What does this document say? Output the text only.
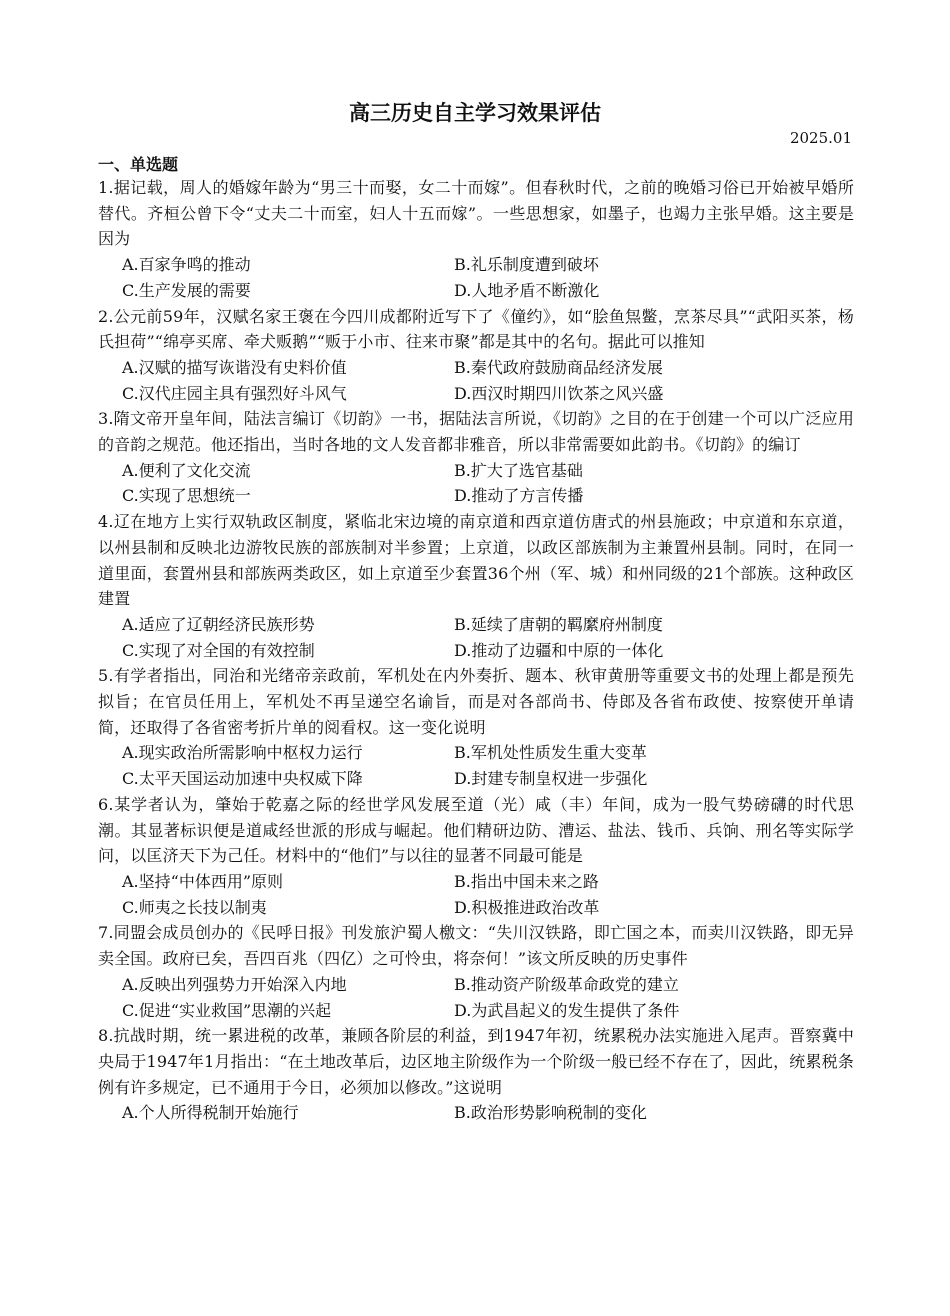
高三历史自主学习效果评估
2025.01
一、单选题

1.据记载，周人的婚嫁年龄为“男三十而娶，女二十而嫁”。但春秋时代，之前的晚婚习俗已开始被早婚所替代。齐桓公曾下令“丈夫二十而室，妇人十五而嫁”。一些思想家，如墨子，也竭力主张早婚。这主要是因为

A.百家争鸣的推动	B.礼乐制度遭到破坏
C.生产发展的需要	D.人地矛盾不断激化

2.公元前59年，汉赋名家王褒在今四川成都附近写下了《僮约》，如“脍鱼炰鳖，烹茶尽具”“武阳买茶，杨氏担荷”“绵亭买席、牵犬贩鹅”“贩于小市、往来市聚”都是其中的名句。据此可以推知

A.汉赋的描写诙谐没有史料价值	B.秦代政府鼓励商品经济发展
C.汉代庄园主具有强烈好斗风气	D.西汉时期四川饮茶之风兴盛

3.隋文帝开皇年间，陆法言编订《切韵》一书，据陆法言所说，《切韵》之目的在于创建一个可以广泛应用的音韵之规范。他还指出，当时各地的文人发音都非雅音，所以非常需要如此韵书。《切韵》的编订

A.便利了文化交流	B.扩大了选官基础
C.实现了思想统一	D.推动了方言传播

4.辽在地方上实行双轨政区制度，紧临北宋边境的南京道和西京道仿唐式的州县施政；中京道和东京道，以州县制和反映北边游牧民族的部族制对半参置；上京道，以政区部族制为主兼置州县制。同时，在同一道里面，套置州县和部族两类政区，如上京道至少套置36个州（军、城）和州同级的21个部族。这种政区建置

A.适应了辽朝经济民族形势	B.延续了唐朝的羁縻府州制度
C.实现了对全国的有效控制	D.推动了边疆和中原的一体化

5.有学者指出，同治和光绪帝亲政前，军机处在内外奏折、题本、秋审黄册等重要文书的处理上都是预先拟旨；在官员任用上，军机处不再呈递空名谕旨，而是对各部尚书、侍郎及各省布政使、按察使开单请简，还取得了各省密考折片单的阅看权。这一变化说明

A.现实政治所需影响中枢权力运行	B.军机处性质发生重大变革
C.太平天国运动加速中央权威下降	D.封建专制皇权进一步强化

6.某学者认为，肇始于乾嘉之际的经世学风发展至道（光）咸（丰）年间，成为一股气势磅礴的时代思潮。其显著标识便是道咸经世派的形成与崛起。他们精研边防、漕运、盐法、钱币、兵饷、刑名等实际学问，以匡济天下为己任。材料中的“他们”与以往的显著不同最可能是

A.坚持“中体西用”原则	B.指出中国未来之路
C.师夷之长技以制夷	D.积极推进政治改革

7.同盟会成员创办的《民呼日报》刊发旅沪蜀人檄文：“失川汉铁路，即亡国之本，而卖川汉铁路，即无异卖全国。政府已矣，吾四百兆（四亿）之可怜虫，将奈何！”该文所反映的历史事件

A.反映出列强势力开始深入内地	B.推动资产阶级革命政党的建立
C.促进“实业救国”思潮的兴起	D.为武昌起义的发生提供了条件

8.抗战时期，统一累进税的改革，兼顾各阶层的利益，到1947年初，统累税办法实施进入尾声。晋察冀中央局于1947年1月指出：“在土地改革后，边区地主阶级作为一个阶级一般已经不存在了，因此，统累税条例有许多规定，已不通用于今日，必须加以修改。”这说明

A.个人所得税制开始施行	B.政治形势影响税制的变化
